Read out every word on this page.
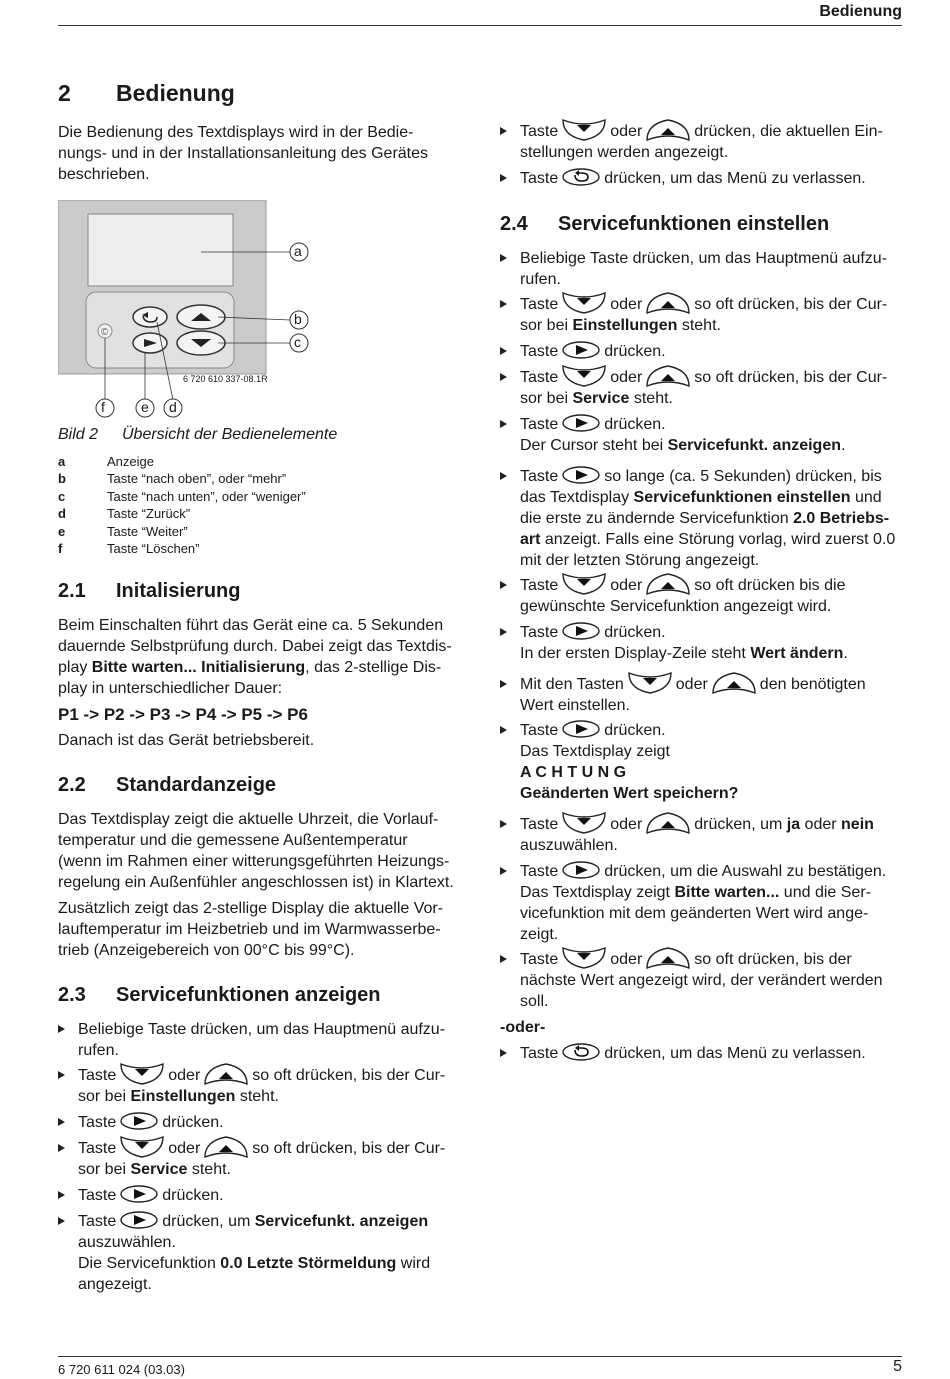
Bedienung
2 Bedienung
Die Bedienung des Textdisplays wird in der Bedie-
nungs- und in der Installationsanleitung des Gerätes
beschrieben.
©
a
b
c
f	e d
6 720 610 337-08.1R
Bild 2 Übersicht der Bedienelemente
a	Anzeige
b	Taste “nach oben”, oder “mehr”
c	Taste “nach unten”, oder “weniger”
d	Taste “Zurück”
e	Taste “Weiter”
f	Taste “Löschen”
2.1 Initalisierung
Beim Einschalten führt das Gerät eine ca. 5 Sekunden
dauernde Selbstprüfung durch. Dabei zeigt das Textdis-
play Bitte warten... Initialisierung, das 2-stellige Dis-
play in unterschiedlicher Dauer:
P1 -> P2 -> P3 -> P4 -> P5 -> P6
Danach ist das Gerät betriebsbereit.
2.2 Standardanzeige
Das Textdisplay zeigt die aktuelle Uhrzeit, die Vorlauf-
temperatur und die gemessene Außentemperatur
(wenn im Rahmen einer witterungsgeführten Heizungs-
regelung ein Außenfühler angeschlossen ist) in Klartext.
Zusätzlich zeigt das 2-stellige Display die aktuelle Vor-
lauftemperatur im Heizbetrieb und im Warmwasserbe-
trieb (Anzeigebereich von 00°C bis 99°C).
2.3 Servicefunktionen anzeigen
Beliebige Taste drücken, um das Hauptmenü aufzu-
rufen.
Taste	oder	so oft drücken, bis der Cur-
sor bei Einstellungen steht.
Taste	drücken.
Taste	oder	so oft drücken, bis der Cur-
sor bei Service steht.
Taste	drücken.
Taste	drücken, um Servicefunkt. anzeigen
auszuwählen.
Die Servicefunktion 0.0 Letzte Störmeldung wird
angezeigt.
Taste	oder	drücken, die aktuellen Ein-
stellungen werden angezeigt.
Taste	drücken, um das Menü zu verlassen.
2.4 Servicefunktionen einstellen
Beliebige Taste drücken, um das Hauptmenü aufzu-
rufen.
Taste	oder	so oft drücken, bis der Cur-
sor bei Einstellungen steht.
Taste	drücken.
Taste	oder	so oft drücken, bis der Cur-
sor bei Service steht.
Taste	drücken.
Der Cursor steht bei Servicefunkt. anzeigen.
Taste	so lange (ca. 5 Sekunden) drücken, bis
das Textdisplay Servicefunktionen einstellen und
die erste zu ändernde Servicefunktion 2.0 Betriebs-
art anzeigt. Falls eine Störung vorlag, wird zuerst 0.0
mit der letzten Störung angezeigt.
Taste	oder	so oft drücken bis die
gewünschte Servicefunktion angezeigt wird.
Taste	drücken.
In der ersten Display-Zeile steht Wert ändern.
Mit den Tasten	oder	den benötigten
Wert einstellen.
Taste	drücken.
Das Textdisplay zeigt
A C H T U N G
Geänderten Wert speichern?
Taste	oder	drücken, um ja oder nein
auszuwählen.
Taste	drücken, um die Auswahl zu bestätigen.
Das Textdisplay zeigt Bitte warten... und die Ser-
vicefunktion mit dem geänderten Wert wird ange-
zeigt.
Taste	oder	so oft drücken, bis der
nächste Wert angezeigt wird, der verändert werden
soll.
-oder-
Taste	drücken, um das Menü zu verlassen.
6 720 611 024 (03.03)	5
